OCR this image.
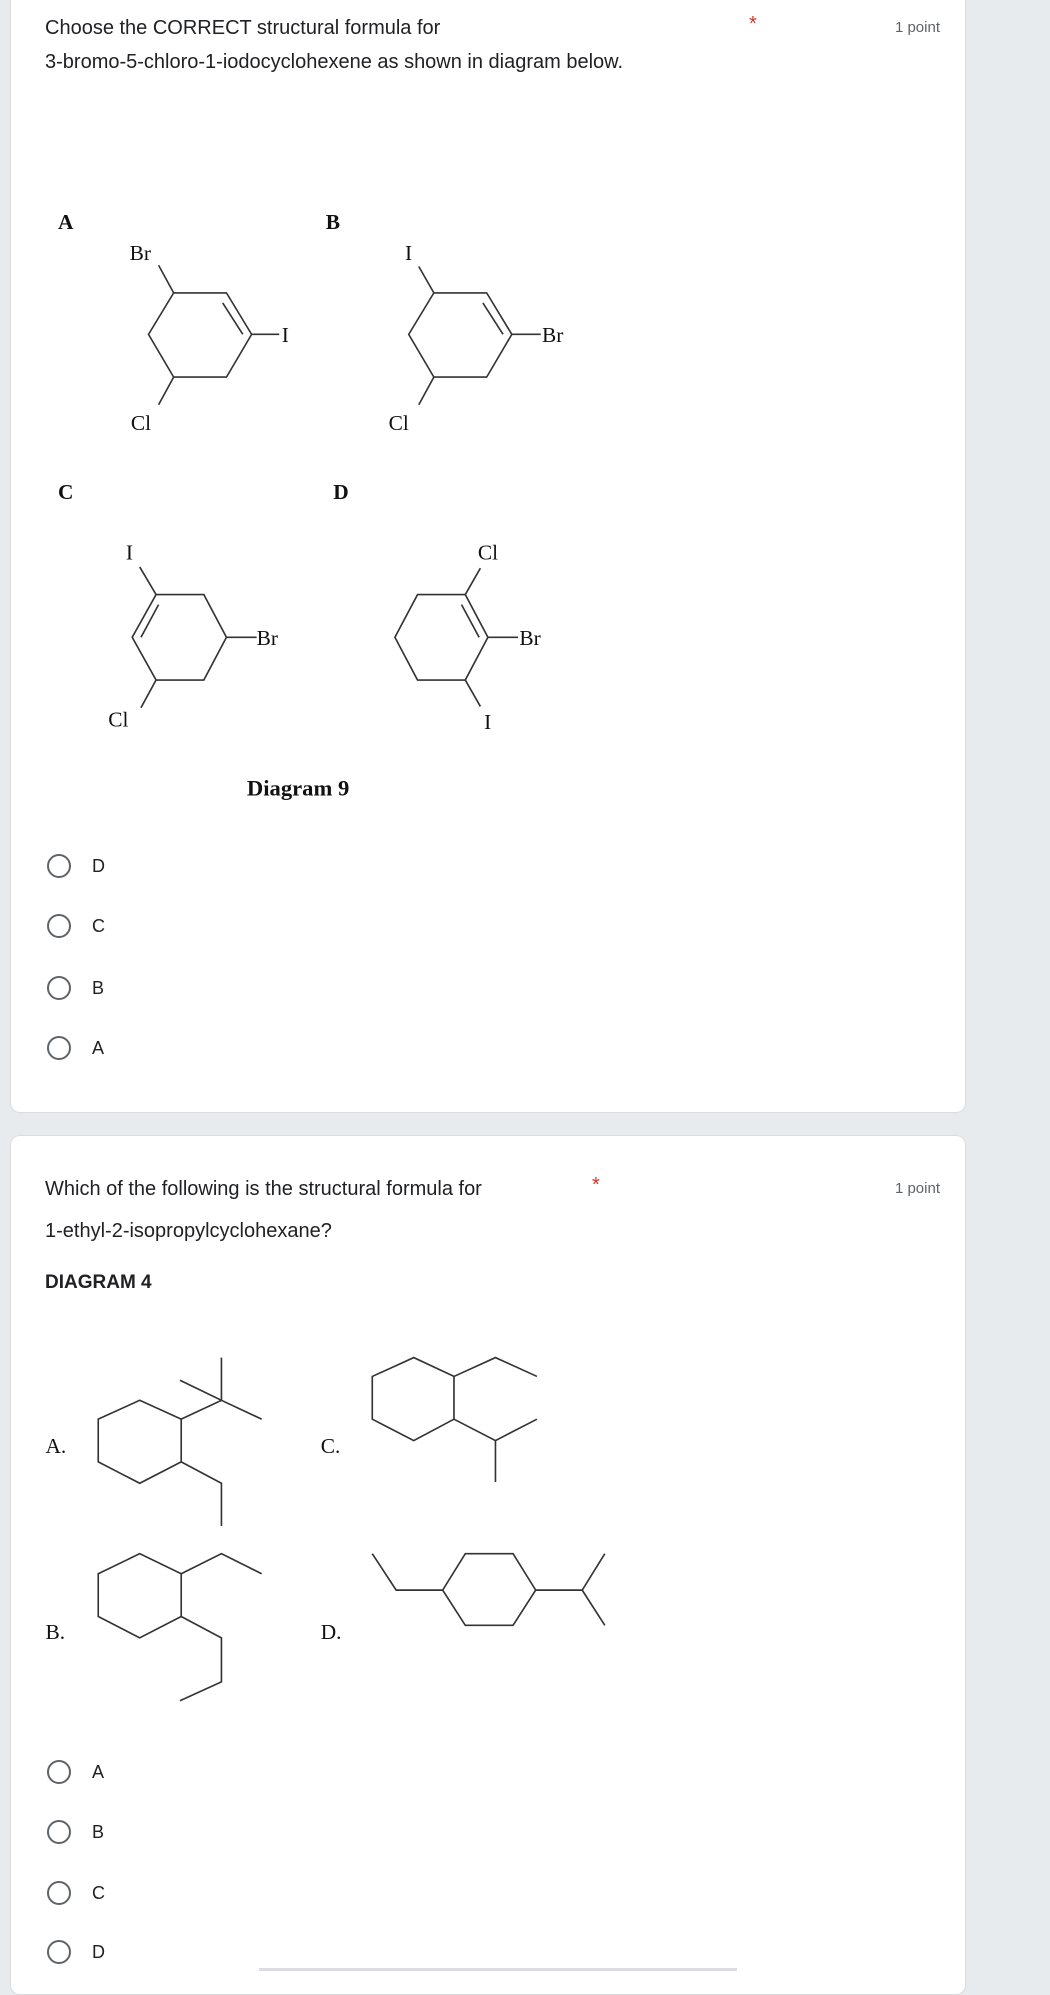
Choose the CORRECT structural formula for	*	1 point
3-bromo-5-chloro-1-iodocyclohexene as shown in diagram below.
D
C
B
A
Which of the following is the structural formula for	*	1 point
1-ethyl-2-isopropylcyclohexane?
DIAGRAM 4
A
B
C
D
A
Br
I
Cl
B
I
Br
Cl
C
I
Br
Cl
D
Cl
Br
I
Diagram 9
A.
B.
C.
D.
